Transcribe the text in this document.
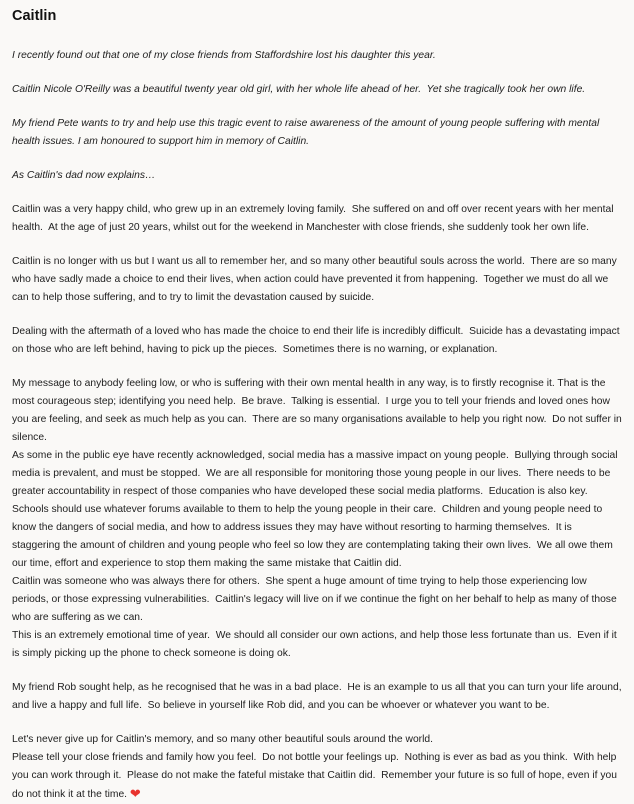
Caitlin

I recently found out that one of my close friends from Staffordshire lost his daughter this year.

Caitlin Nicole O'Reilly was a beautiful twenty year old girl, with her whole life ahead of her.  Yet she tragically took her own life.

My friend Pete wants to try and help use this tragic event to raise awareness of the amount of young people suffering with mental health issues. I am honoured to support him in memory of Caitlin.

As Caitlin's dad now explains…

Caitlin was a very happy child, who grew up in an extremely loving family.  She suffered on and off over recent years with her mental health.  At the age of just 20 years, whilst out for the weekend in Manchester with close friends, she suddenly took her own life.

Caitlin is no longer with us but I want us all to remember her, and so many other beautiful souls across the world.  There are so many who have sadly made a choice to end their lives, when action could have prevented it from happening.  Together we must do all we can to help those suffering, and to try to limit the devastation caused by suicide.

Dealing with the aftermath of a loved who has made the choice to end their life is incredibly difficult.  Suicide has a devastating impact on those who are left behind, having to pick up the pieces.  Sometimes there is no warning, or explanation.

My message to anybody feeling low, or who is suffering with their own mental health in any way, is to firstly recognise it. That is the most courageous step; identifying you need help.  Be brave.  Talking is essential.  I urge you to tell your friends and loved ones how you are feeling, and seek as much help as you can.  There are so many organisations available to help you right now.  Do not suffer in silence.

As some in the public eye have recently acknowledged, social media has a massive impact on young people.  Bullying through social media is prevalent, and must be stopped.  We are all responsible for monitoring those young people in our lives.  There needs to be greater accountability in respect of those companies who have developed these social media platforms.  Education is also key.  Schools should use whatever forums available to them to help the young people in their care.  Children and young people need to know the dangers of social media, and how to address issues they may have without resorting to harming themselves.  It is staggering the amount of children and young people who feel so low they are contemplating taking their own lives.  We all owe them our time, effort and experience to stop them making the same mistake that Caitlin did.

Caitlin was someone who was always there for others.  She spent a huge amount of time trying to help those experiencing low periods, or those expressing vulnerabilities.  Caitlin's legacy will live on if we continue the fight on her behalf to help as many of those who are suffering as we can.

This is an extremely emotional time of year.  We should all consider our own actions, and help those less fortunate than us.  Even if it is simply picking up the phone to check someone is doing ok.

My friend Rob sought help, as he recognised that he was in a bad place.  He is an example to us all that you can turn your life around, and live a happy and full life.  So believe in yourself like Rob did, and you can be whoever or whatever you want to be.

Let's never give up for Caitlin's memory, and so many other beautiful souls around the world.

Please tell your close friends and family how you feel.  Do not bottle your feelings up.  Nothing is ever as bad as you think.  With help you can work through it.  Please do not make the fateful mistake that Caitlin did.  Remember your future is so full of hope, even if you do not think it at the time. ❤
